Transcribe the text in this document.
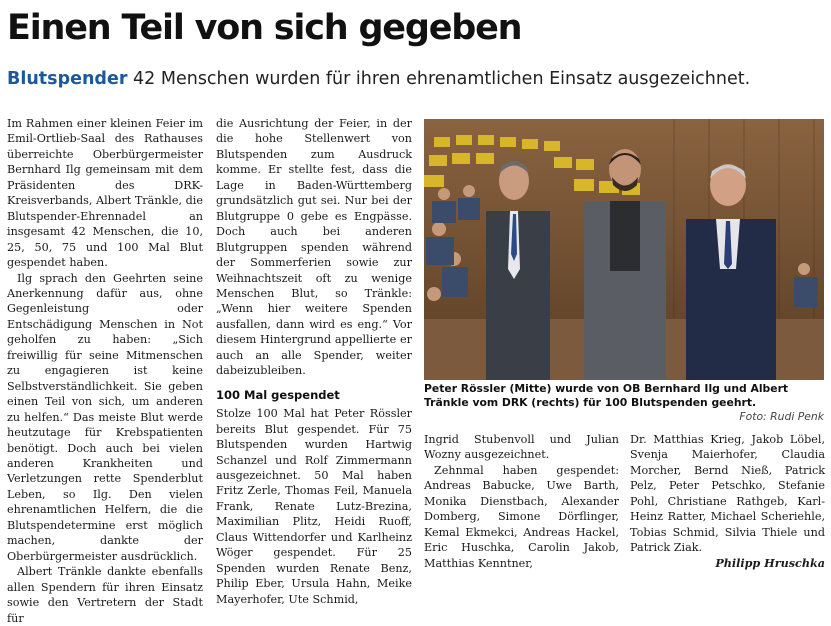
Einen Teil von sich gegeben

Blutspender 42 Menschen wurden für ihren ehrenamtlichen Einsatz ausgezeichnet.

Im Rahmen einer kleinen Feier im Emil-Ortlieb-Saal des Rathauses überreichte Oberbürgermeister Bernhard Ilg gemeinsam mit dem Präsidenten des DRK-Kreisverbands, Albert Tränkle, die Blutspender-Ehrennadel an insgesamt 42 Menschen, die 10, 25, 50, 75 und 100 Mal Blut gespendet haben.

Ilg sprach den Geehrten seine Anerkennung dafür aus, ohne Gegenleistung oder Entschädigung Menschen in Not geholfen zu haben: „Sich freiwillig für seine Mitmenschen zu engagieren ist keine Selbstverständlichkeit. Sie geben einen Teil von sich, um anderen zu helfen.“ Das meiste Blut werde heutzutage für Krebspatienten benötigt. Doch auch bei vielen anderen Krankheiten und Verletzungen rette Spenderblut Leben, so Ilg. Den vielen ehrenamtlichen Helfern, die die Blutspendetermine erst möglich machen, dankte der Oberbürgermeister ausdrücklich.

Albert Tränkle dankte ebenfalls allen Spendern für ihren Einsatz sowie den Vertretern der Stadt für

die Ausrichtung der Feier, in der die hohe Stellenwert von Blutspenden zum Ausdruck komme. Er stellte fest, dass die Lage in Baden-Württemberg grundsätzlich gut sei. Nur bei der Blutgruppe 0 gebe es Engpässe. Doch auch bei anderen Blutgruppen spenden während der Sommerferien sowie zur Weihnachtszeit oft zu wenige Menschen Blut, so Tränkle: „Wenn hier weitere Spenden ausfallen, dann wird es eng.“ Vor diesem Hintergrund appellierte er auch an alle Spender, weiter dabeizubleiben.

100 Mal gespendet

Stolze 100 Mal hat Peter Rössler bereits Blut gespendet. Für 75 Blutspenden wurden Hartwig Schanzel und Rolf Zimmermann ausgezeichnet. 50 Mal haben Fritz Zerle, Thomas Feil, Manuela Frank, Renate Lutz-Brezina, Maximilian Plitz, Heidi Ruoff, Claus Wittendorfer und Karlheinz Wöger gespendet. Für 25 Spenden wurden Renate Benz, Philip Eber, Ursula Hahn, Meike Mayerhofer, Ute Schmid,

Peter Rössler (Mitte) wurde von OB Bernhard Ilg und Albert Tränkle vom DRK (rechts) für 100 Blutspenden geehrt.
Foto: Rudi Penk

Ingrid Stubenvoll und Julian Wozny ausgezeichnet.

Zehnmal haben gespendet: Andreas Babucke, Uwe Barth, Monika Dienstbach, Alexander Domberg, Simone Dörflinger, Kemal Ekmekci, Andreas Hackel, Eric Huschka, Carolin Jakob, Matthias Kenntner,

Dr. Matthias Krieg, Jakob Löbel, Svenja Maierhofer, Claudia Morcher, Bernd Nieß, Patrick Pelz, Peter Petschko, Stefanie Pohl, Christiane Rathgeb, Karl-Heinz Ratter, Michael Scheriehle, Tobias Schmid, Silvia Thiele und Patrick Ziak.

Philipp Hruschka
